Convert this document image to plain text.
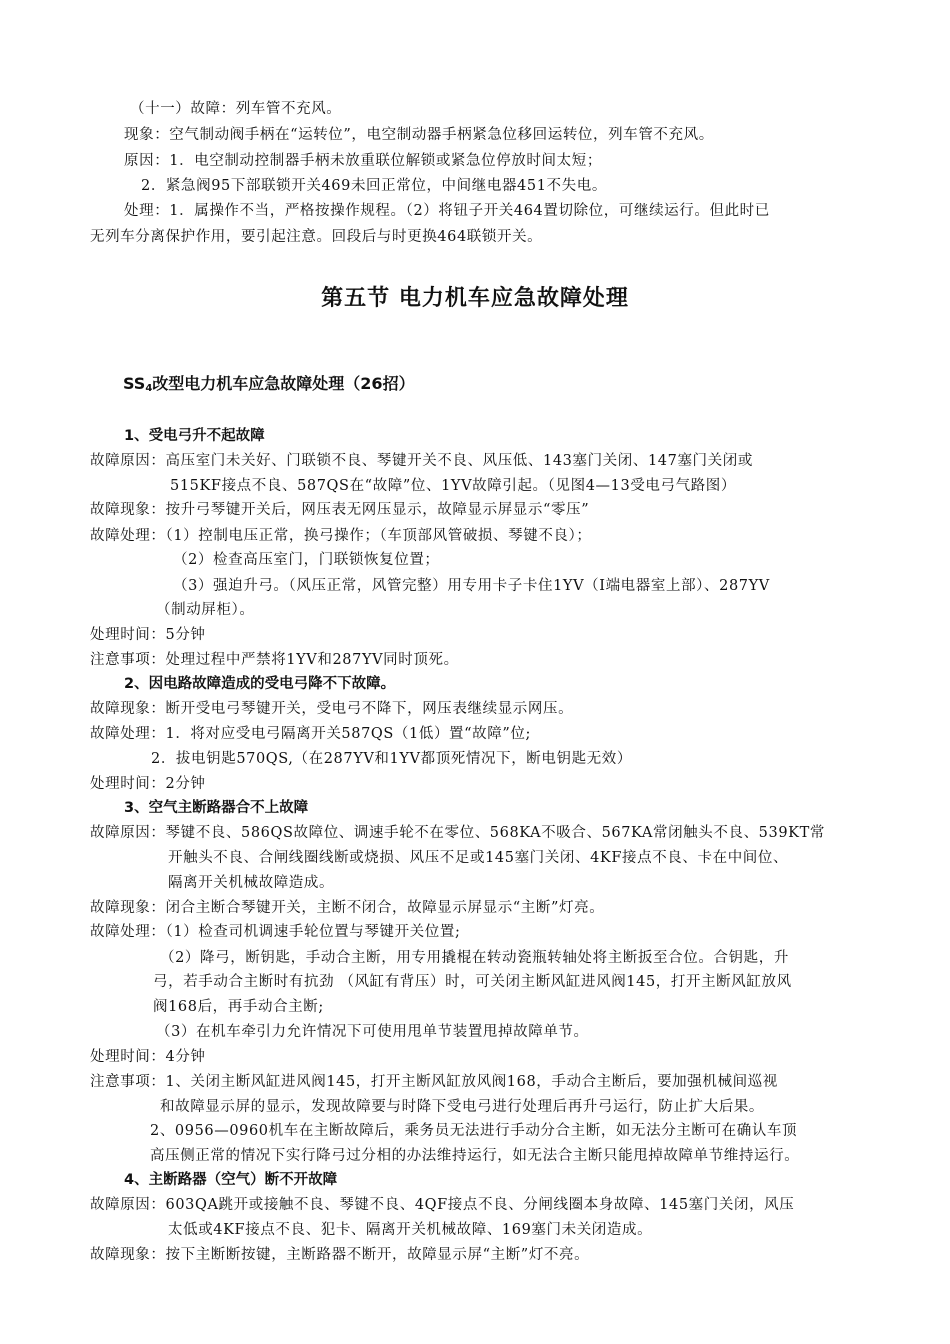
（十一）故障：列车管不充风。
现象：空气制动阀手柄在“运转位”，电空制动器手柄紧急位移回运转位，列车管不充风。
原因：1．电空制动控制器手柄未放重联位解锁或紧急位停放时间太短；
2．紧急阀95下部联锁开关469未回正常位，中间继电器451不失电。
处理：1．属操作不当，严格按操作规程。（2）将钮子开关464置切除位，可继续运行。但此时已
无列车分离保护作用，要引起注意。回段后与时更换464联锁开关。
第五节 电力机车应急故障处理
$SS_4$改型电力机车应急故障处理（26招）
1、受电弓升不起故障
故障原因：高压室门未关好、门联锁不良、琴键开关不良、风压低、143塞门关闭、147塞门关闭或
515KF接点不良、587QS在“故障”位、1YV故障引起。（见图4—13受电弓气路图）
故障现象：按升弓琴键开关后，网压表无网压显示，故障显示屏显示“零压”
故障处理：（1）控制电压正常，换弓操作；（车顶部风管破损、琴键不良）；
（2）检查高压室门，门联锁恢复位置；
（3）强迫升弓。（风压正常，风管完整）用专用卡子卡住1YV（Ⅰ端电器室上部）、287YV
（制动屏柜）。
处理时间：5分钟
注意事项：处理过程中严禁将1YV和287YV同时顶死。
2、因电路故障造成的受电弓降不下故障。
故障现象：断开受电弓琴键开关，受电弓不降下，网压表继续显示网压。
故障处理：1．将对应受电弓隔离开关587QS（1低）置“故障”位;
2．拔电钥匙570QS,（在287YV和1YV都顶死情况下，断电钥匙无效）
处理时间：2分钟
3、空气主断路器合不上故障
故障原因：琴键不良、586QS故障位、调速手轮不在零位、568KA不吸合、567KA常闭触头不良、539KT常
开触头不良、合闸线圈线断或烧损、风压不足或145塞门关闭、4KF接点不良、卡在中间位、
隔离开关机械故障造成。
故障现象：闭合主断合琴键开关，主断不闭合，故障显示屏显示“主断”灯亮。
故障处理：（1）检查司机调速手轮位置与琴键开关位置;
（2）降弓，断钥匙，手动合主断，用专用撬棍在转动瓷瓶转轴处将主断扳至合位。合钥匙，升
弓，若手动合主断时有抗劲 （风缸有背压）时，可关闭主断风缸进风阀145，打开主断风缸放风
阀168后，再手动合主断;
（3）在机车牵引力允许情况下可使用甩单节装置甩掉故障单节。
处理时间：4分钟
注意事项：1、关闭主断风缸进风阀145，打开主断风缸放风阀168，手动合主断后，要加强机械间巡视
和故障显示屏的显示，发现故障要与时降下受电弓进行处理后再升弓运行，防止扩大后果。
2、0956—0960机车在主断故障后，乘务员无法进行手动分合主断，如无法分主断可在确认车顶
高压侧正常的情况下实行降弓过分相的办法维持运行，如无法合主断只能甩掉故障单节维持运行。
4、主断路器（空气）断不开故障
故障原因：603QA跳开或接触不良、琴键不良、4QF接点不良、分闸线圈本身故障、145塞门关闭，风压
太低或4KF接点不良、犯卡、隔离开关机械故障、169塞门未关闭造成。
故障现象：按下主断断按键，主断路器不断开，故障显示屏“主断”灯不亮。
